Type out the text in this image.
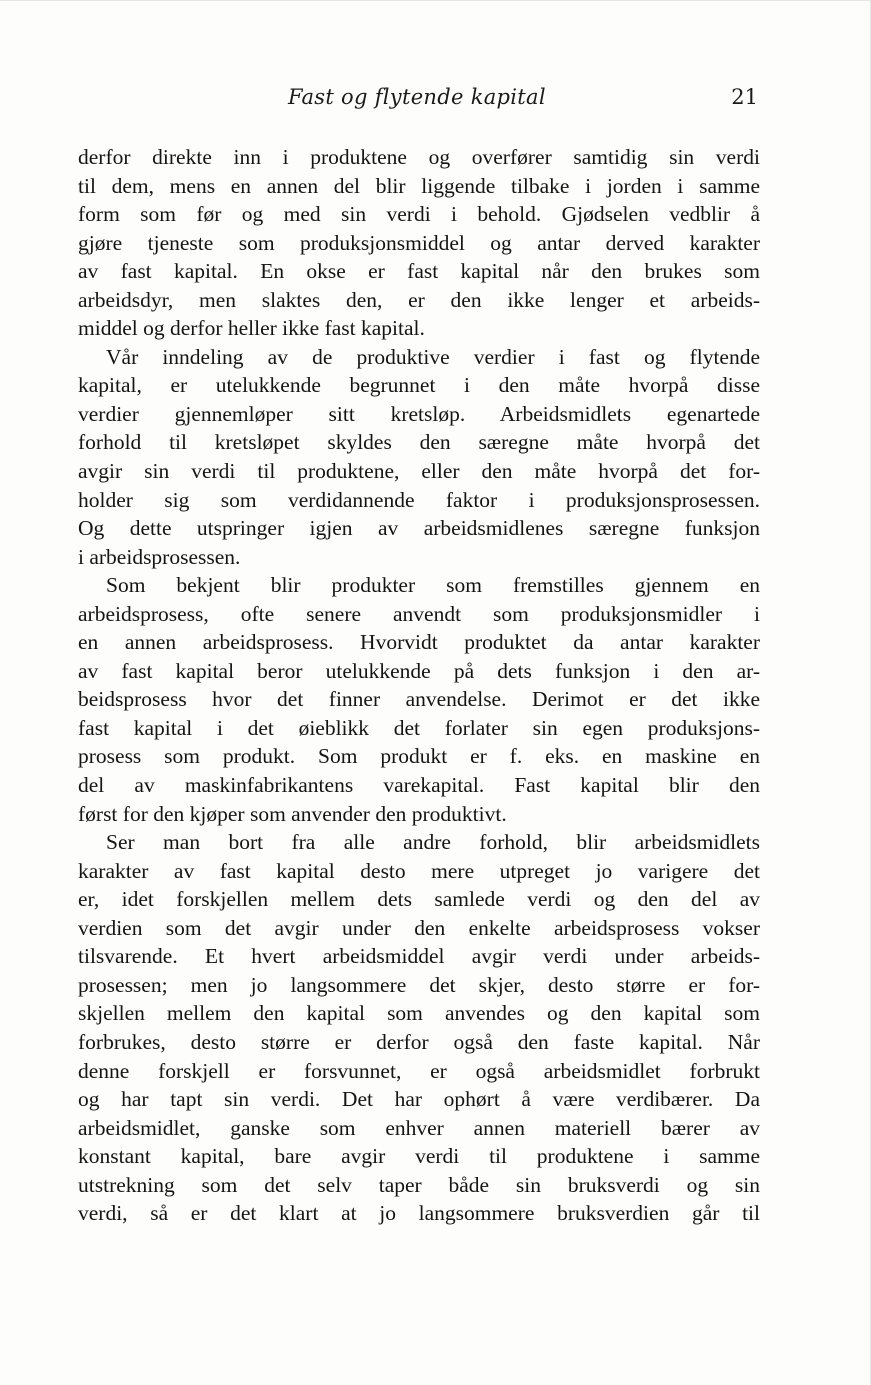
Fast og flytende kapital	21
derfor direkte inn i produktene og overfører samtidig sin verdi
til dem, mens en annen del blir liggende tilbake i jorden i samme
form som før og med sin verdi i behold. Gjødselen vedblir å
gjøre tjeneste som produksjonsmiddel og antar derved karakter
av fast kapital. En okse er fast kapital når den brukes som
arbeidsdyr, men slaktes den, er den ikke lenger et arbeids-
middel og derfor heller ikke fast kapital.
Vår inndeling av de produktive verdier i fast og flytende
kapital, er utelukkende begrunnet i den måte hvorpå disse
verdier gjennemløper sitt kretsløp. Arbeidsmidlets egenartede
forhold til kretsløpet skyldes den særegne måte hvorpå det
avgir sin verdi til produktene, eller den måte hvorpå det for-
holder sig som verdidannende faktor i produksjonsprosessen.
Og dette utspringer igjen av arbeidsmidlenes særegne funksjon
i arbeidsprosessen.
Som bekjent blir produkter som fremstilles gjennem en
arbeidsprosess, ofte senere anvendt som produksjonsmidler i
en annen arbeidsprosess. Hvorvidt produktet da antar karakter
av fast kapital beror utelukkende på dets funksjon i den ar-
beidsprosess hvor det finner anvendelse. Derimot er det ikke
fast kapital i det øieblikk det forlater sin egen produksjons-
prosess som produkt. Som produkt er f. eks. en maskine en
del av maskinfabrikantens varekapital. Fast kapital blir den
først for den kjøper som anvender den produktivt.
Ser man bort fra alle andre forhold, blir arbeidsmidlets
karakter av fast kapital desto mere utpreget jo varigere det
er, idet forskjellen mellem dets samlede verdi og den del av
verdien som det avgir under den enkelte arbeidsprosess vokser
tilsvarende. Et hvert arbeidsmiddel avgir verdi under arbeids-
prosessen; men jo langsommere det skjer, desto større er for-
skjellen mellem den kapital som anvendes og den kapital som
forbrukes, desto større er derfor også den faste kapital. Når
denne forskjell er forsvunnet, er også arbeidsmidlet forbrukt
og har tapt sin verdi. Det har ophørt å være verdibærer. Da
arbeidsmidlet, ganske som enhver annen materiell bærer av
konstant kapital, bare avgir verdi til produktene i samme
utstrekning som det selv taper både sin bruksverdi og sin
verdi, så er det klart at jo langsommere bruksverdien går til
